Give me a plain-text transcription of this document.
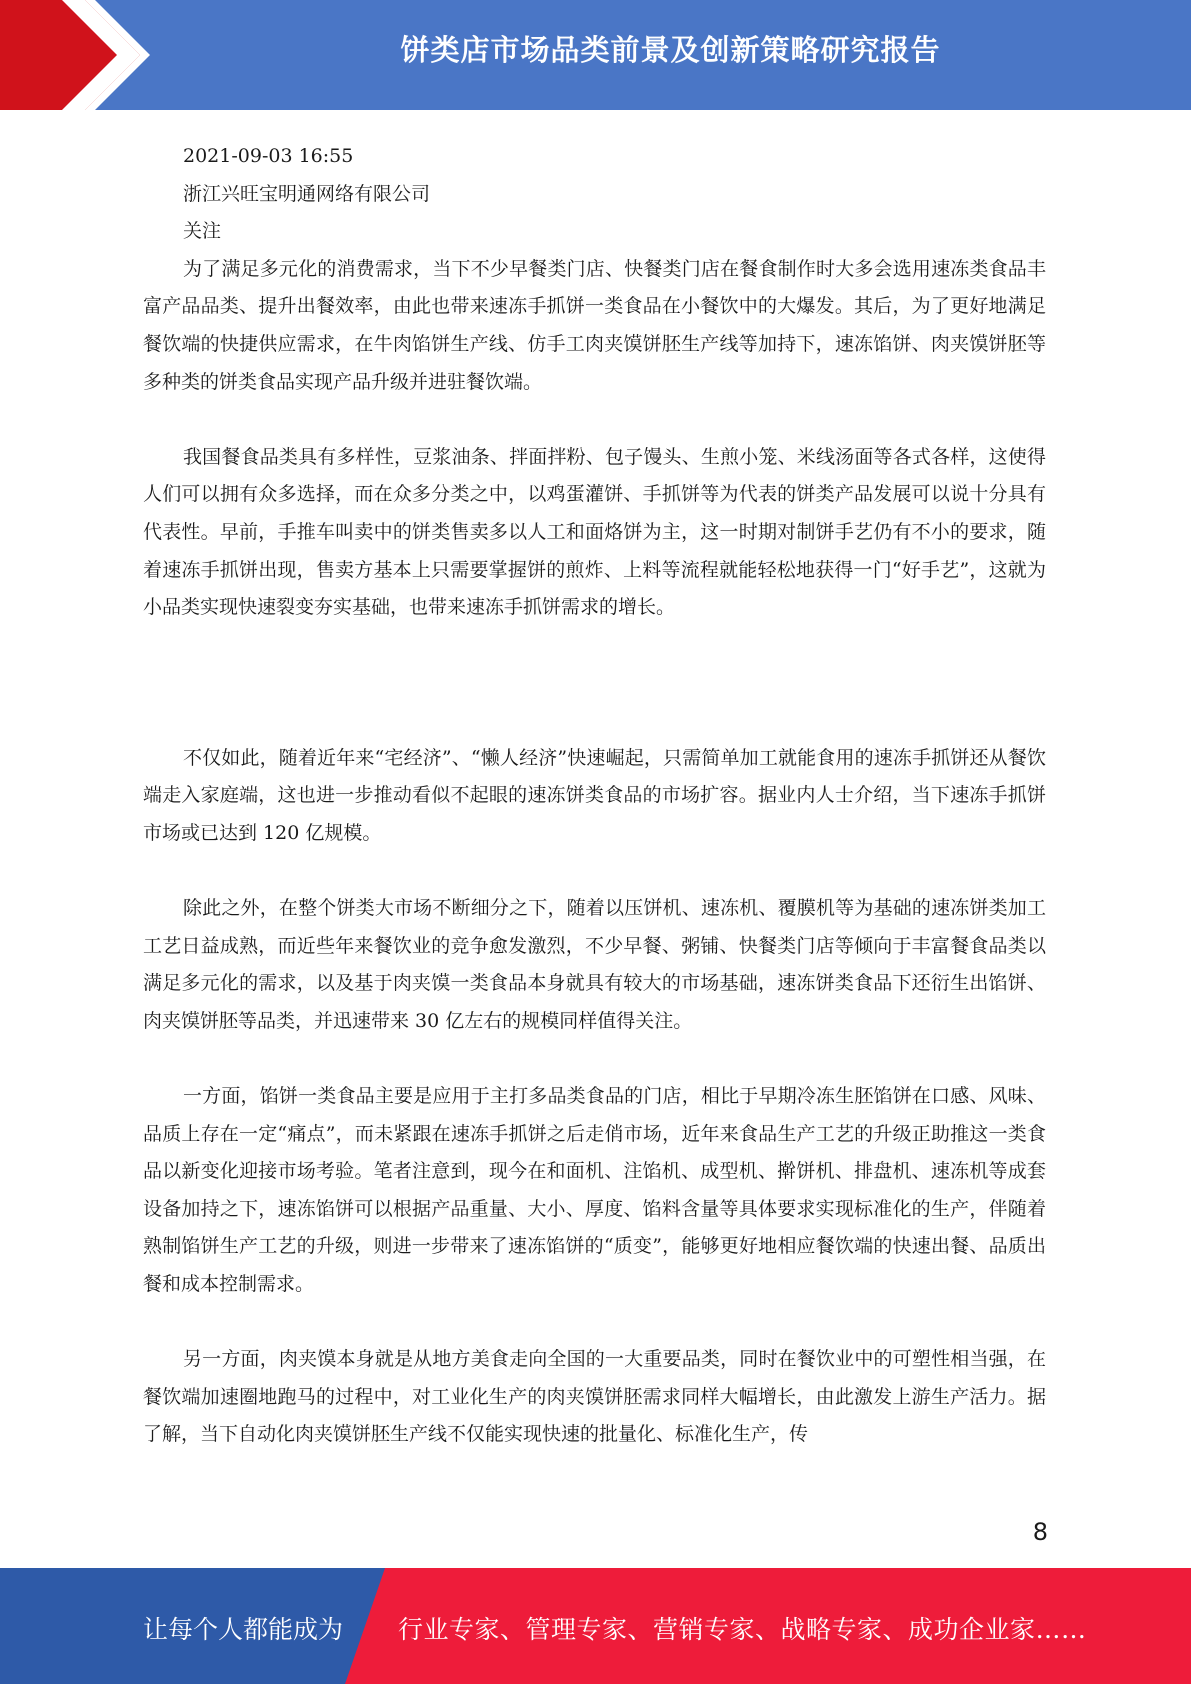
饼类店市场品类前景及创新策略研究报告

2021-09-03 16:55

浙江兴旺宝明通网络有限公司

关注

为了满足多元化的消费需求，当下不少早餐类门店、快餐类门店在餐食制作时大多会选用速冻类食品丰富产品品类、提升出餐效率，由此也带来速冻手抓饼一类食品在小餐饮中的大爆发。其后，为了更好地满足餐饮端的快捷供应需求，在牛肉馅饼生产线、仿手工肉夹馍饼胚生产线等加持下，速冻馅饼、肉夹馍饼胚等多种类的饼类食品实现产品升级并进驻餐饮端。

我国餐食品类具有多样性，豆浆油条、拌面拌粉、包子馒头、生煎小笼、米线汤面等各式各样，这使得人们可以拥有众多选择，而在众多分类之中，以鸡蛋灌饼、手抓饼等为代表的饼类产品发展可以说十分具有代表性。早前，手推车叫卖中的饼类售卖多以人工和面烙饼为主，这一时期对制饼手艺仍有不小的要求，随着速冻手抓饼出现，售卖方基本上只需要掌握饼的煎炸、上料等流程就能轻松地获得一门“好手艺”，这就为小品类实现快速裂变夯实基础，也带来速冻手抓饼需求的增长。

不仅如此，随着近年来“宅经济”、“懒人经济”快速崛起，只需简单加工就能食用的速冻手抓饼还从餐饮端走入家庭端，这也进一步推动看似不起眼的速冻饼类食品的市场扩容。据业内人士介绍，当下速冻手抓饼市场或已达到 120 亿规模。

除此之外，在整个饼类大市场不断细分之下，随着以压饼机、速冻机、覆膜机等为基础的速冻饼类加工工艺日益成熟，而近些年来餐饮业的竞争愈发激烈，不少早餐、粥铺、快餐类门店等倾向于丰富餐食品类以满足多元化的需求，以及基于肉夹馍一类食品本身就具有较大的市场基础，速冻饼类食品下还衍生出馅饼、肉夹馍饼胚等品类，并迅速带来 30 亿左右的规模同样值得关注。

一方面，馅饼一类食品主要是应用于主打多品类食品的门店，相比于早期冷冻生胚馅饼在口感、风味、品质上存在一定“痛点”，而未紧跟在速冻手抓饼之后走俏市场，近年来食品生产工艺的升级正助推这一类食品以新变化迎接市场考验。笔者注意到，现今在和面机、注馅机、成型机、擀饼机、排盘机、速冻机等成套设备加持之下，速冻馅饼可以根据产品重量、大小、厚度、馅料含量等具体要求实现标准化的生产，伴随着熟制馅饼生产工艺的升级，则进一步带来了速冻馅饼的“质变”，能够更好地相应餐饮端的快速出餐、品质出餐和成本控制需求。

另一方面，肉夹馍本身就是从地方美食走向全国的一大重要品类，同时在餐饮业中的可塑性相当强，在餐饮端加速圈地跑马的过程中，对工业化生产的肉夹馍饼胚需求同样大幅增长，由此激发上游生产活力。据了解，当下自动化肉夹馍饼胚生产线不仅能实现快速的批量化、标准化生产，传

8
让每个人都能成为 行业专家、管理专家、营销专家、战略专家、成功企业家……
